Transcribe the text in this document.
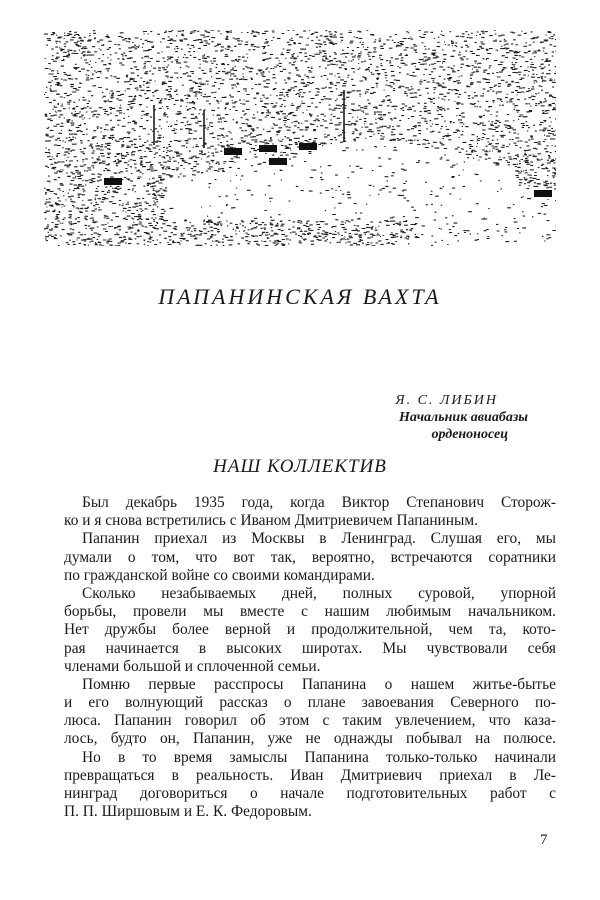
ПАПАНИНСКАЯ ВАХТА
Я. С. ЛИБИН
Начальник авиабазы
орденоносец
НАШ КОЛЛЕКТИВ
Был декабрь 1935 года, когда Виктор Степанович Сторож-
ко и я снова встретились с Иваном Дмитриевичем Папаниным.
Папанин приехал из Москвы в Ленинград. Слушая его, мы
думали о том, что вот так, вероятно, встречаются соратники
по гражданской войне со своими командирами.
Сколько незабываемых дней, полных суровой, упорной
борьбы, провели мы вместе с нашим любимым начальником.
Нет дружбы более верной и продолжительной, чем та, кото-
рая начинается в высоких широтах. Мы чувствовали себя
членами большой и сплоченной семьи.
Помню первые расспросы Папанина о нашем житье-бытье
и его волнующий рассказ о плане завоевания Северного по-
люса. Папанин говорил об этом с таким увлечением, что каза-
лось, будто он, Папанин, уже не однажды побывал на полюсе.
Но в то время замыслы Папанина только-только начинали
превращаться в реальность. Иван Дмитриевич приехал в Ле-
нинград договориться о начале подготовительных работ с
П. П. Ширшовым и Е. К. Федоровым.
7
